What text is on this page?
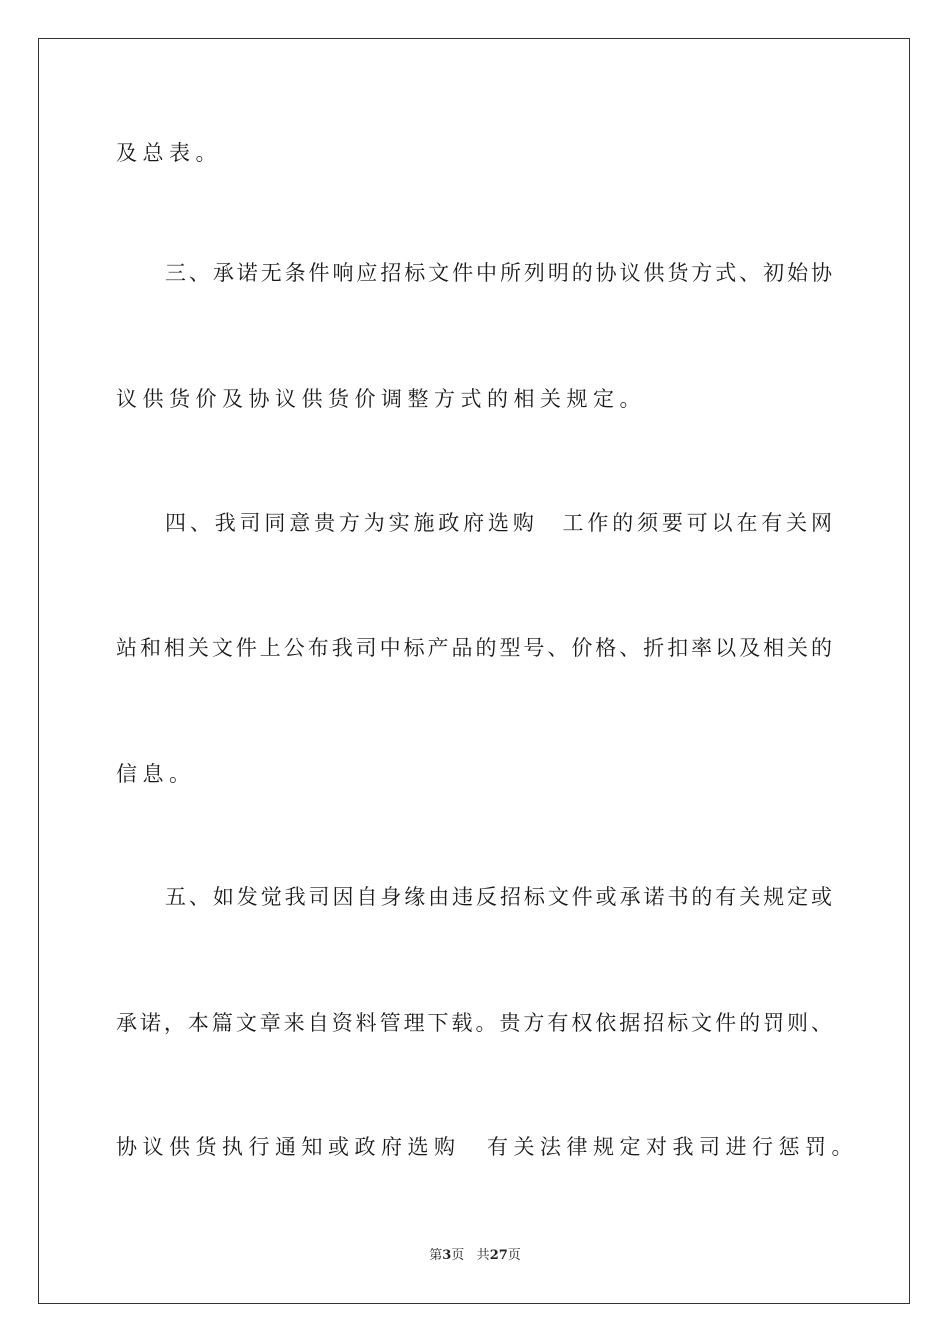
及总表。
三、承诺无条件响应招标文件中所列明的协议供货方式、初始协
议供货价及协议供货价调整方式的相关规定。
四、我司同意贵方为实施政府选购　工作的须要可以在有关网
站和相关文件上公布我司中标产品的型号、价格、折扣率以及相关的
信息。
五、如发觉我司因自身缘由违反招标文件或承诺书的有关规定或
承诺，本篇文章来自资料管理下载。贵方有权依据招标文件的罚则、
协议供货执行通知或政府选购　有关法律规定对我司进行惩罚。
第3页 共27页
